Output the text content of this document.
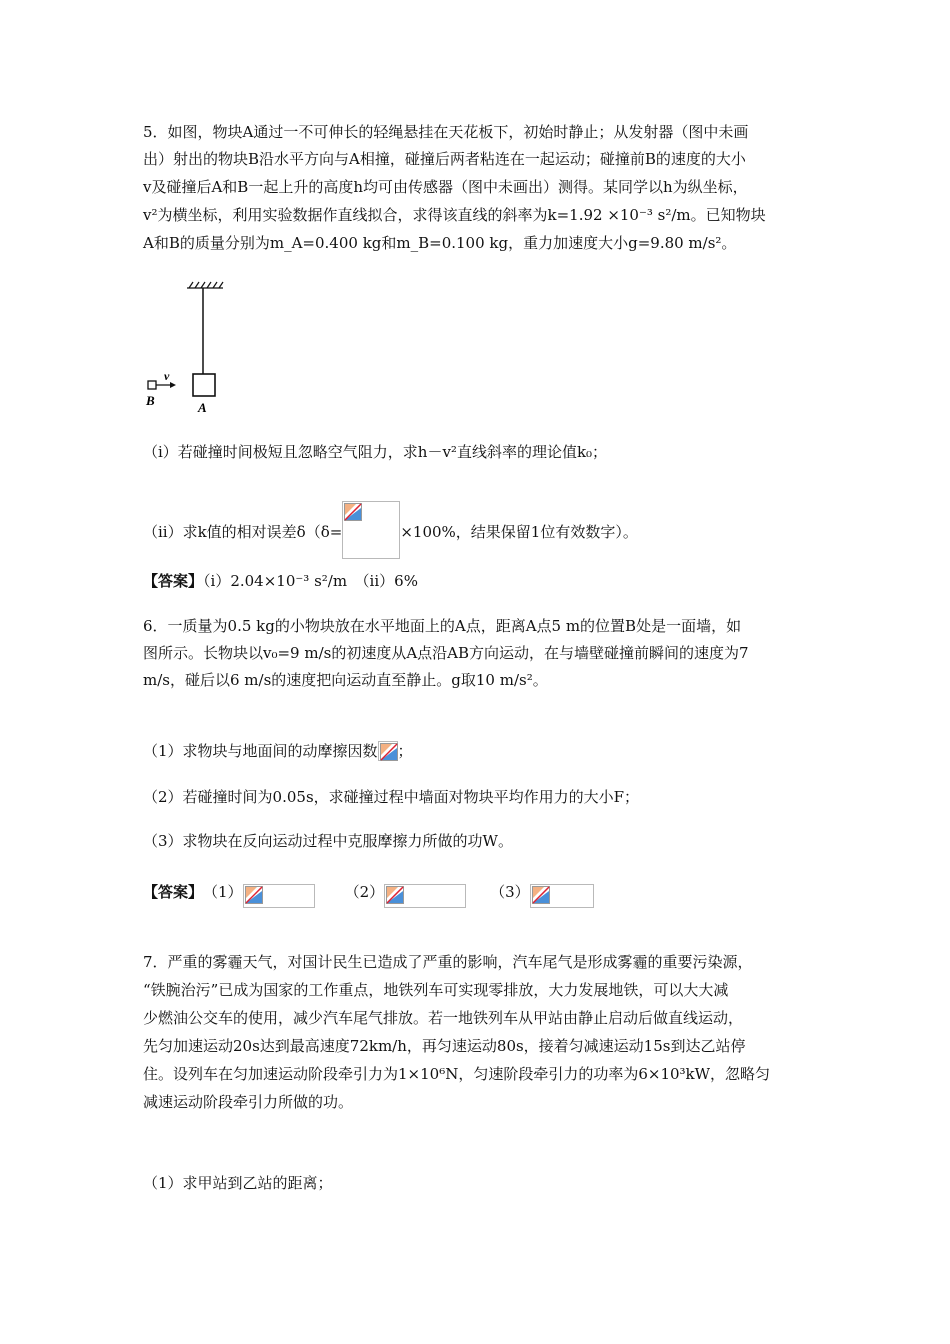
5．如图，物块A通过一不可伸长的轻绳悬挂在天花板下，初始时静止；从发射器（图中未画
v
B	A
（i）若碰撞时间极短且忽略空气阻力，求h－v²直线斜率的理论值k₀；
（ii）求k值的相对误差δ（δ=	×100%，结果保留1位有效数字）。
【答案】（i）2.04×10⁻³ s²/m　（ii）6%
6．一质量为0.5 kg的小物块放在水平地面上的A点，距离A点5 m的位置B处是一面墙，如
图所示。长物块以v₀=9 m/s的初速度从A点沿AB方向运动，在与墙壁碰撞前瞬间的速度为7
m/s，碰后以6 m/s的速度把向运动直至静止。g取10 m/s²。
（1）求物块与地面间的动摩擦因数 ；
（2）若碰撞时间为0.05s，求碰撞过程中墙面对物块平均作用力的大小F；
（3）求物块在反向运动过程中克服摩擦力所做的功W。
【答案】 （1）	（2）	（3）
7．严重的雾霾天气，对国计民生已造成了严重的影响，汽车尾气是形成雾霾的重要污染源，
“铁腕治污”已成为国家的工作重点，地铁列车可实现零排放，大力发展地铁，可以大大减
少燃油公交车的使用，减少汽车尾气排放。若一地铁列车从甲站由静止启动后做直线运动，
先匀加速运动20s达到最高速度72km/h，再匀速运动80s，接着匀减速运动15s到达乙站停
住。设列车在匀加速运动阶段牵引力为1×10⁶N，匀速阶段牵引力的功率为6×10³kW，忽略匀
减速运动阶段牵引力所做的功。
（1）求甲站到乙站的距离；
出）射出的物块B沿水平方向与A相撞，碰撞后两者粘连在一起运动；碰撞前B的速度的大小
v及碰撞后A和B一起上升的高度h均可由传感器（图中未画出）测得。某同学以h为纵坐标，
v²为横坐标，利用实验数据作直线拟合，求得该直线的斜率为k=1.92 ×10⁻³ s²/m。已知物块
A和B的质量分别为m_A=0.400 kg和m_B=0.100 kg，重力加速度大小g=9.80 m/s²。
